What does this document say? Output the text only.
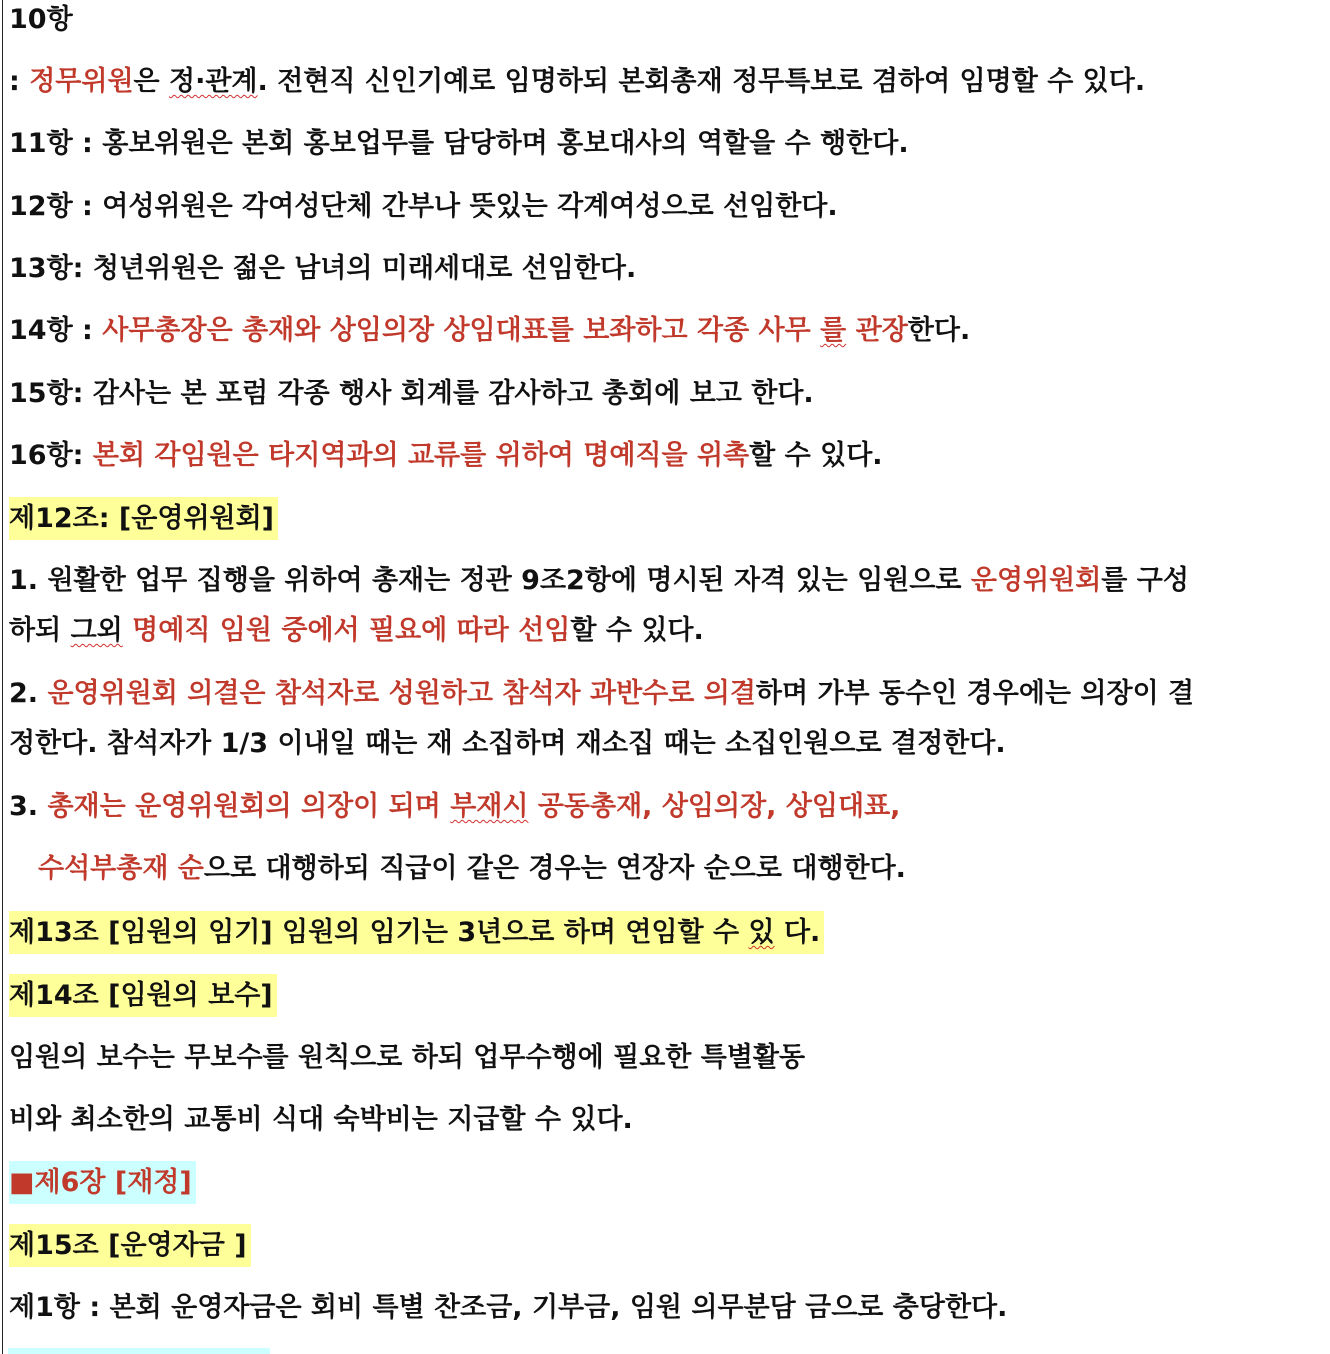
10항
: 정무위원은 정·관계. 전현직 신인기예로 임명하되 본회총재 정무특보로 겸하여 임명할 수 있다.
11항 : 홍보위원은 본회 홍보업무를 담당하며 홍보대사의 역할을 수 행한다.
12항 : 여성위원은 각여성단체 간부나 뜻있는 각계여성으로 선임한다.
13항: 청년위원은 젊은 남녀의 미래세대로 선임한다.
14항 : 사무총장은 총재와 상임의장 상임대표를 보좌하고 각종 사무 를 관장한다.
15항: 감사는 본 포럼 각종 행사 회계를 감사하고 총회에 보고 한다.
16항: 본회 각임원은 타지역과의 교류를 위하여 명예직을 위촉할 수 있다.
제12조: [운영위원회]
1. 원활한 업무 집행을 위하여 총재는 정관 9조2항에 명시된 자격 있는 임원으로 운영위원회를 구성
하되 그외 명예직 임원 중에서 필요에 따라 선임할 수 있다.
2. 운영위원회 의결은 참석자로 성원하고 참석자 과반수로 의결하며 가부 동수인 경우에는 의장이 결
정한다. 참석자가 1/3 이내일 때는 재 소집하며 재소집 때는 소집인원으로 결정한다.
3. 총재는 운영위원회의 의장이 되며 부재시 공동총재, 상임의장, 상임대표,
수석부총재 순으로 대행하되 직급이 같은 경우는 연장자 순으로 대행한다.
제13조 [임원의 임기] 임원의 임기는 3년으로 하며 연임할 수 있 다.
제14조 [임원의 보수]
임원의 보수는 무보수를 원칙으로 하되 업무수행에 필요한 특별활동
비와 최소한의 교통비 식대 숙박비는 지급할 수 있다.
■제6장 [재정]
제15조 [운영자금 ]
제1항 : 본회 운영자금은 회비 특별 찬조금, 기부금, 임원 의무분담 금으로 충당한다.
